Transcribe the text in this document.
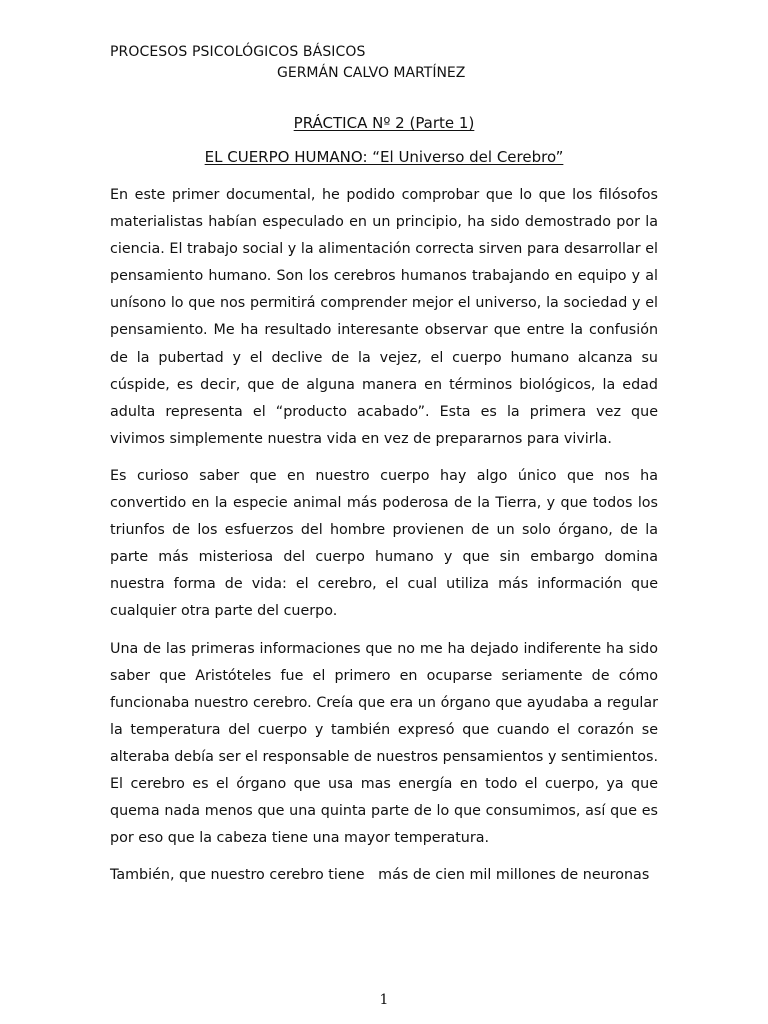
PROCESOS PSICOLÓGICOS BÁSICOS
GERMÁN CALVO MARTÍNEZ
PRÁCTICA Nº 2 (Parte 1)
EL CUERPO HUMANO: “El Universo del Cerebro”

En este primer documental, he podido comprobar que lo que los filósofos materialistas habían especulado en un principio, ha sido demostrado por la ciencia. El trabajo social y la alimentación correcta sirven para desarrollar el pensamiento humano. Son los cerebros humanos trabajando en equipo y al unísono lo que nos permitirá comprender mejor el universo, la sociedad y el pensamiento. Me ha resultado interesante observar que entre la confusión de la pubertad y el declive de la vejez, el cuerpo humano alcanza su cúspide, es decir, que de alguna manera en términos biológicos, la edad adulta representa el “producto acabado”. Esta es la primera vez que vivimos simplemente nuestra vida en vez de prepararnos para vivirla.

Es curioso saber que en nuestro cuerpo hay algo único que nos ha convertido en la especie animal más poderosa de la Tierra, y que todos los triunfos de los esfuerzos del hombre provienen de un solo órgano, de la parte más misteriosa del cuerpo humano y que sin embargo domina nuestra forma de vida: el cerebro, el cual utiliza más información que cualquier otra parte del cuerpo.

Una de las primeras informaciones que no me ha dejado indiferente ha sido saber que Aristóteles fue el primero en ocuparse seriamente de cómo funcionaba nuestro cerebro. Creía que era un órgano que ayudaba a regular la temperatura del cuerpo y también expresó que cuando el corazón se alteraba debía ser el responsable de nuestros pensamientos y sentimientos. El cerebro es el órgano que usa mas energía en todo el cuerpo, ya que quema nada menos que una quinta parte de lo que consumimos, así que es por eso que la cabeza tiene una mayor temperatura.

También, que nuestro cerebro tiene   más de cien mil millones de neuronas

1
